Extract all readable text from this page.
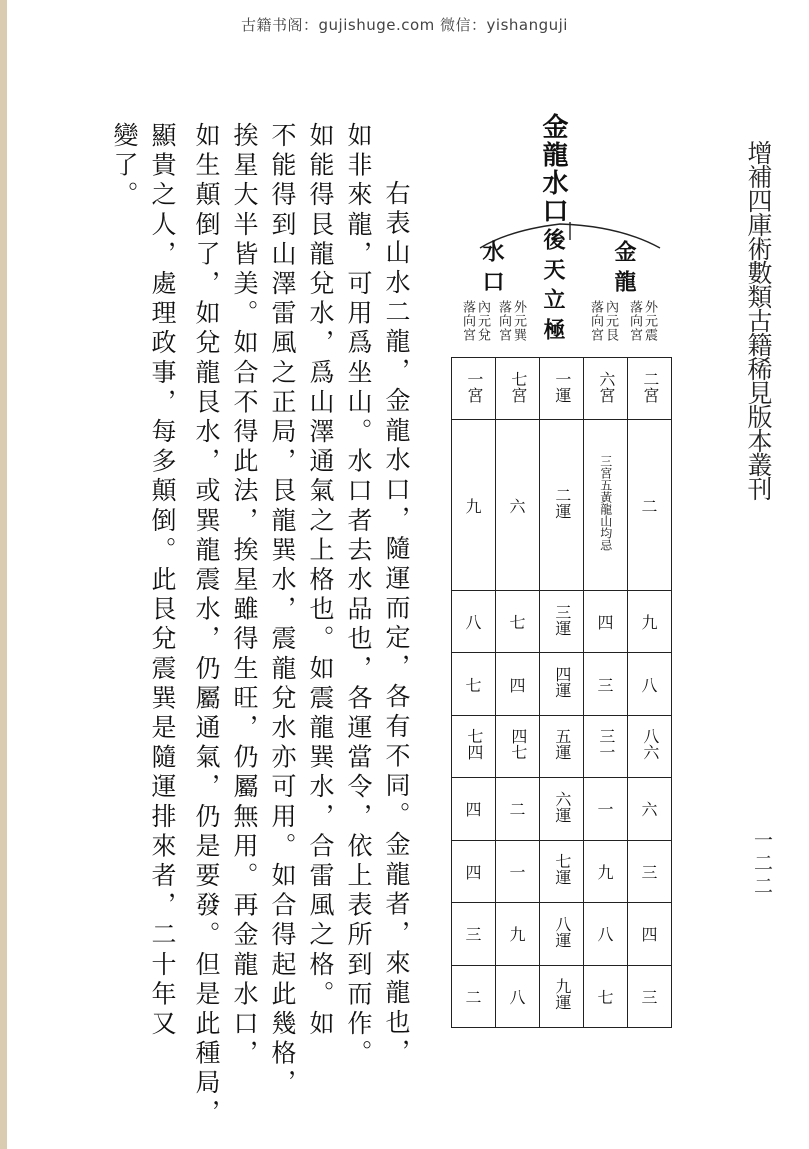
古籍书阁：gujishuge.com 微信：yishanguji
增補四庫術數類古籍稀見版本叢刊
一二二
金龍水口
金龍
後天立極
水口
外元震
落向宮
內元艮
落向宮
外元巽
落向宮
內元兌
落向宮
一宮	七宮	一運	六宮	二宮
九	六	二運	三宮五黃龍山均忌	二
八	七	三運	四	九
七	四	四運	三	八
七四	四七	五運	三一	八六
四	二	六運	一	六
四	一	七運	九	三
三	九	八運	八	四
二	八	九運	七	三
右表山水二龍，金龍水口，隨運而定，各有不同。金龍者，來龍也，
如非來龍，可用爲坐山。水口者去水品也，各運當令，依上表所到而作。
如能得艮龍兌水，爲山澤通氣之上格也。如震龍巽水，合雷風之格。如
不能得到山澤雷風之正局，艮龍巽水，震龍兌水亦可用。如合得起此幾格，
挨星大半皆美。如合不得此法，挨星雖得生旺，仍屬無用。再金龍水口，
如生顛倒了，如兌龍艮水，或巽龍震水，仍屬通氣，仍是要發。但是此種局，
顯貴之人，處理政事，每多顛倒。此艮兌震巽是隨運排來者，二十年又
變了。
